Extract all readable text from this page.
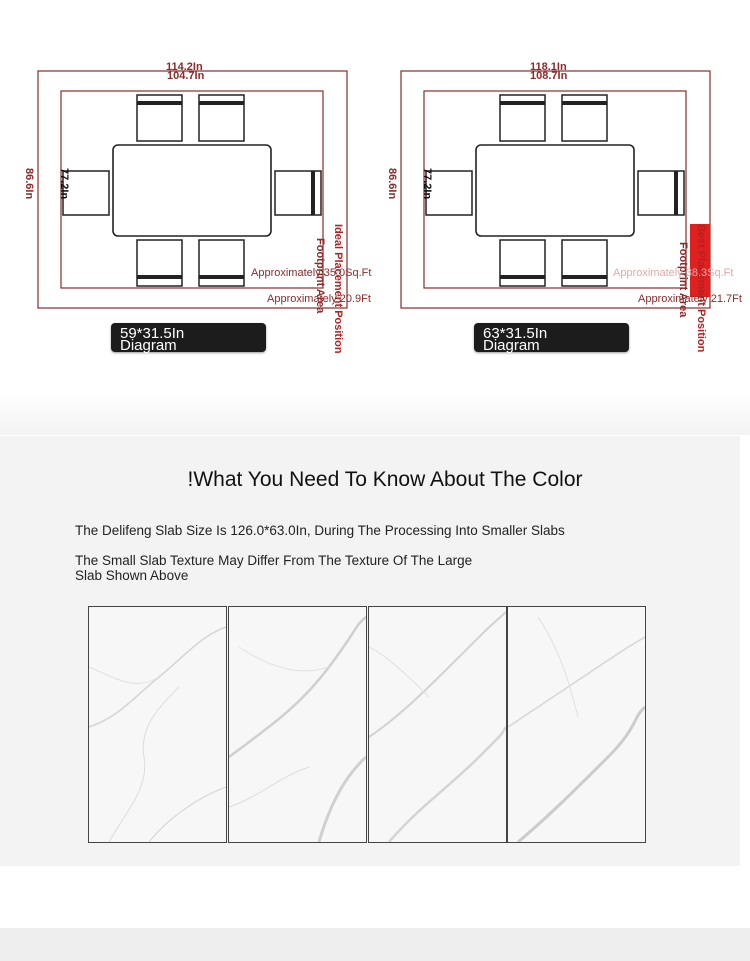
114.2In
104.7In
86.6In 77.2In
Footprint Area Ideal Placement Position
Approximately 35.0Sq.Ft
Approximately 20.9Ft
59*31.5In
Diagram
118.1In
108.7In
86.6In 77.2In
Footprint Area Best Placement Position
Approximately 38.3Sq.Ft
Approximately 21.7Ft
63*31.5In
Diagram
!What You Need To Know About The Color
The Delifeng Slab Size Is 126.0*63.0In, During The Processing Into Smaller Slabs
The Small Slab Texture May Differ From The Texture Of The Large
Slab Shown Above
